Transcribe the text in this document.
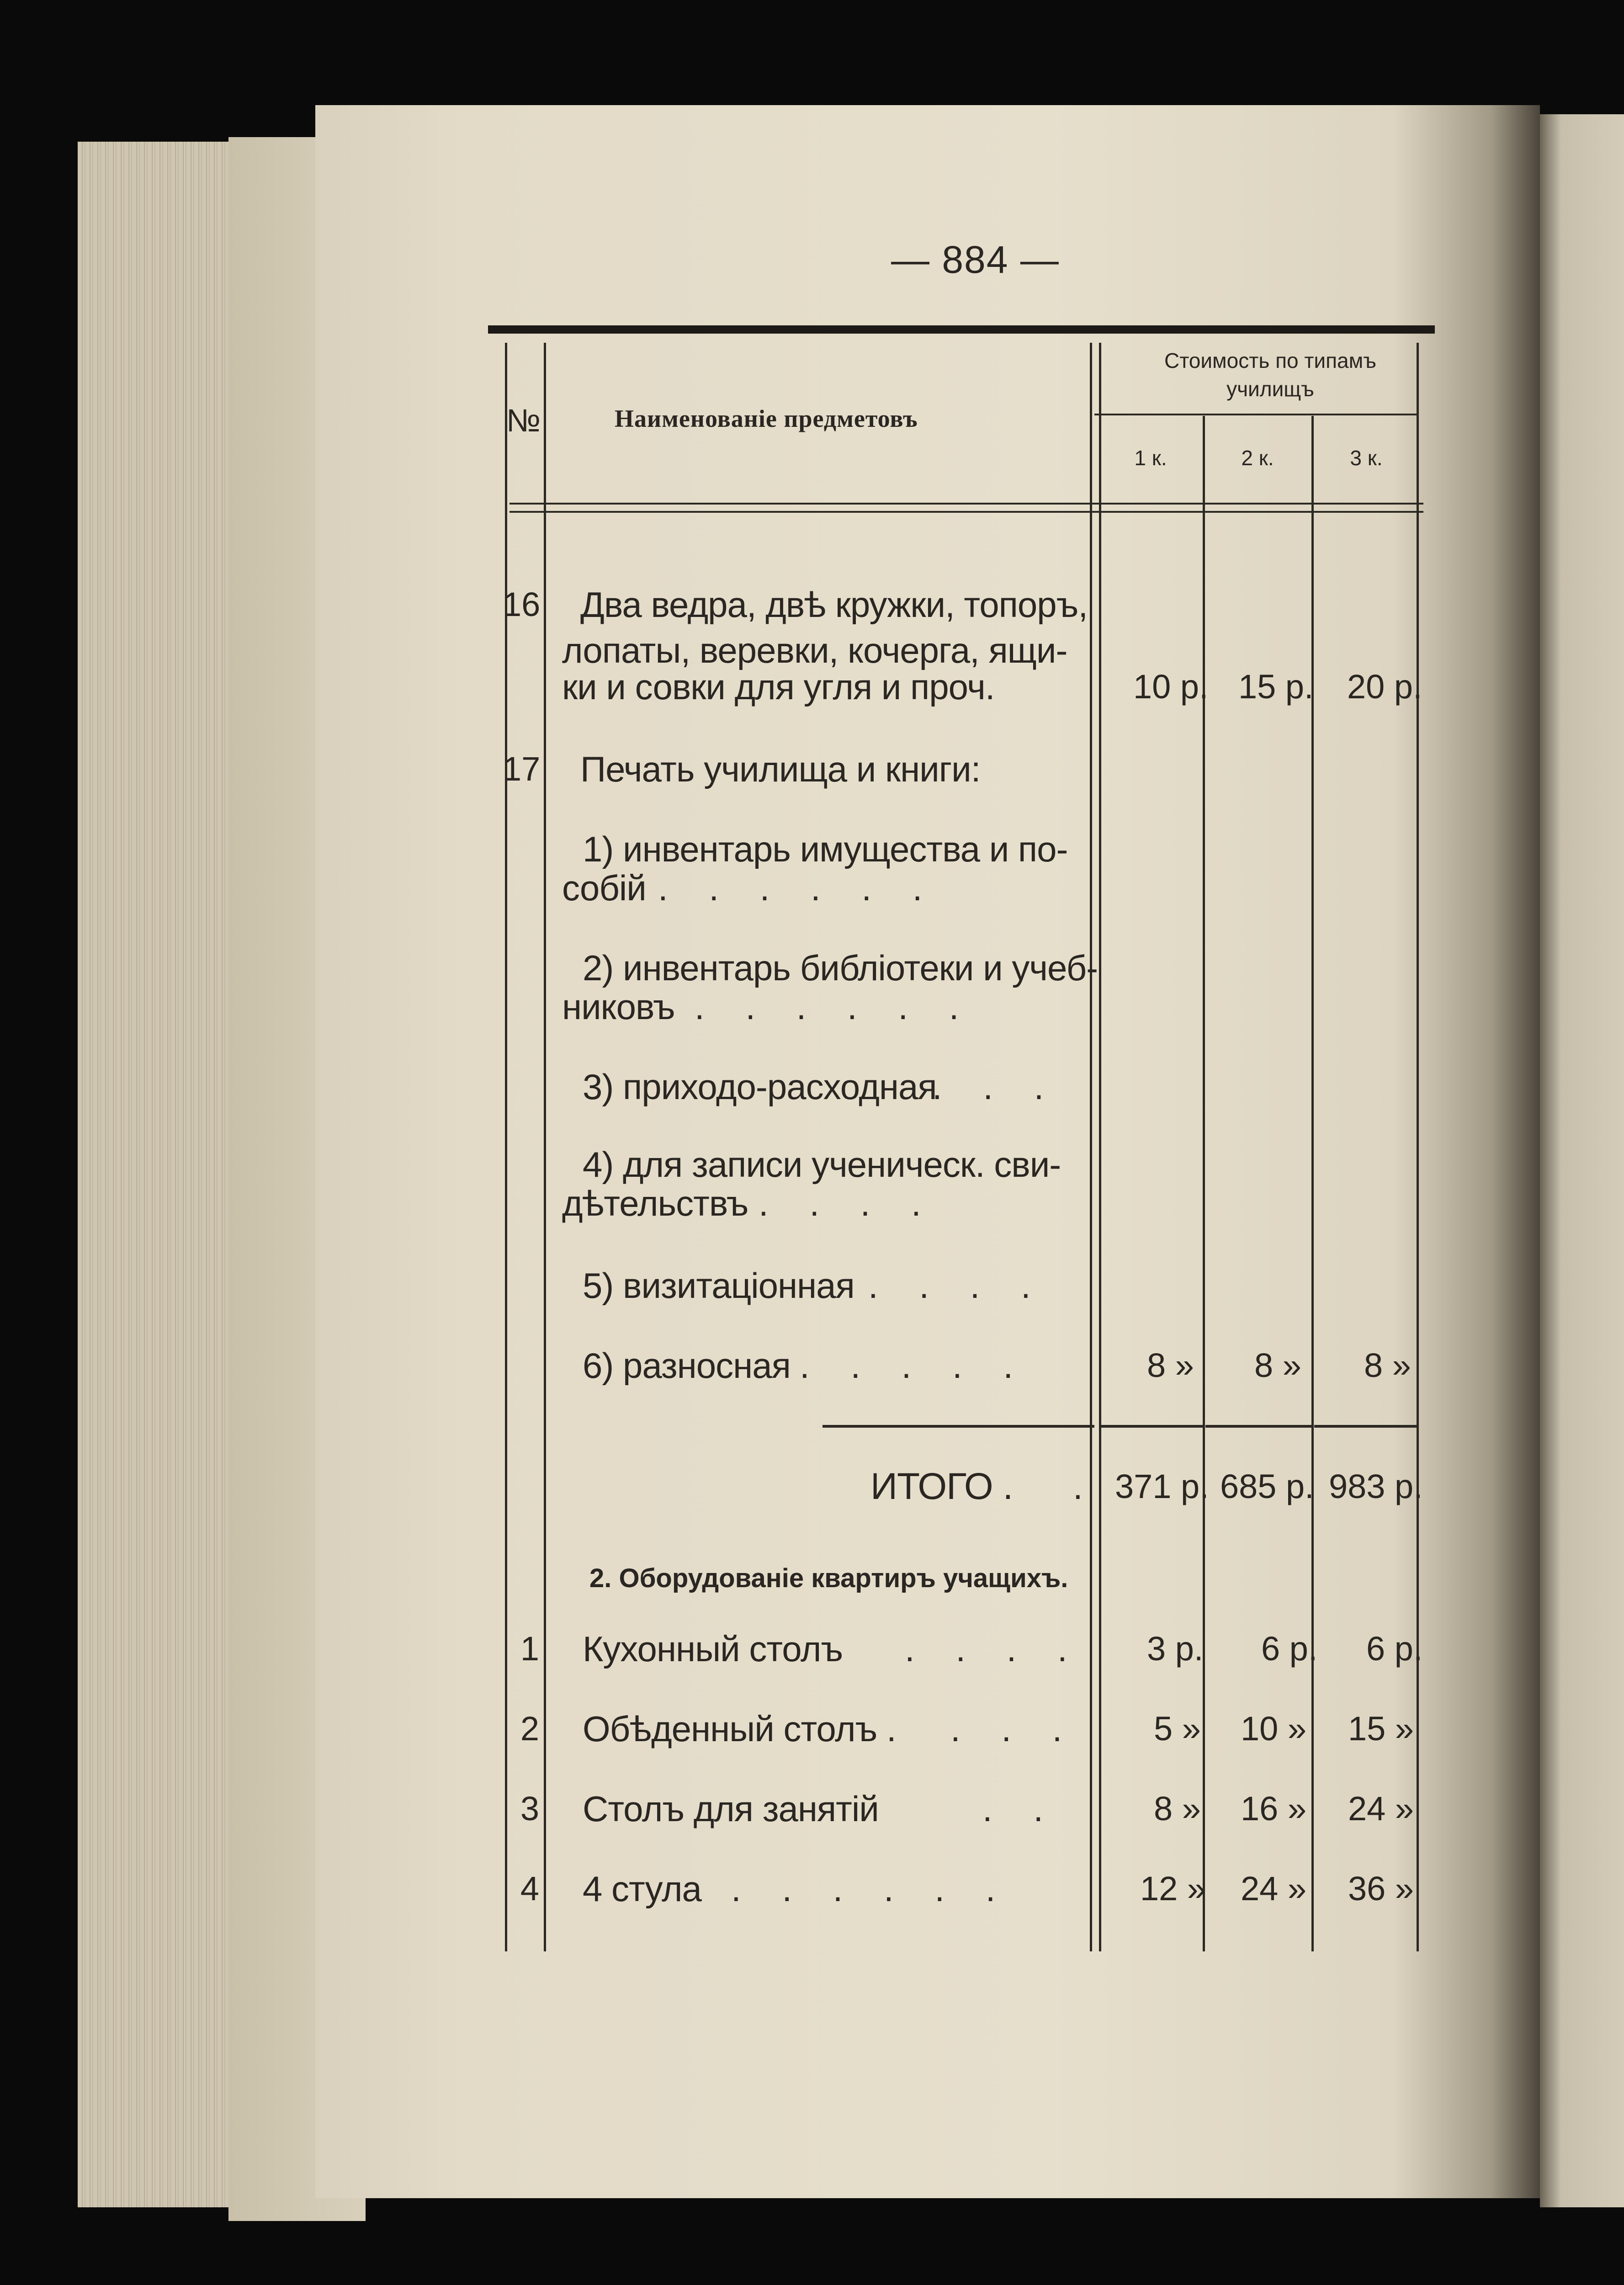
— 884 —
№	Наименованіе предметовъ
Стоимость по типамъ училищъ
1 к.	2 к.	3 к.
16 Два ведра, двѣ кружки, топоръ,
лопаты, веревки, кочерга, ящи-
ки и совки для угля и проч.	10 р. 15 р. 20 р.
17 Печать училища и книги:
1) инвентарь имущества и по-
собій . . . . . .
2) инвентарь библіотеки и учеб-
никовъ . . . . . .
3) приходо-расходная
. . .
4) для записи ученическ. сви-
дѣтельствъ . . . .
5) визитаціонная . . . .
6) разносная . . . . .	8 » 8 » 8 »
ИТОГО . . 371 р. 685 р. 983 р.
2. Оборудованіе квартиръ учащихъ.
1 Кухонный столъ . . . . 3 р. 6 р. 6 р.
2 Обѣденный столъ . . . . 5 » 10 » 15 »
3 Столъ для занятій	. .	8 » 16 » 24 »
4 4 стула . . . . . .	12 » 24 » 36 »
